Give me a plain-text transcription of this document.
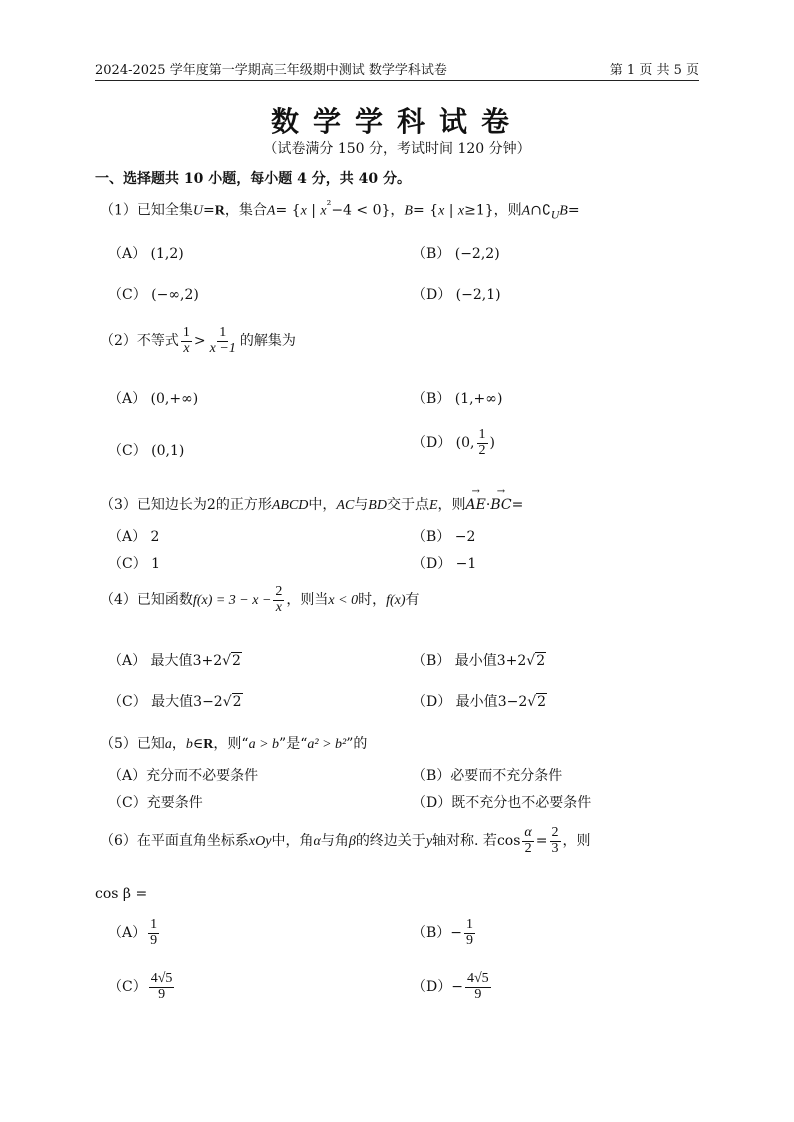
2024-2025 学年度第一学期高三年级期中测试 数学学科试卷	第 1 页 共 5 页
数学学科试卷
（试卷满分 150 分，考试时间 120 分钟）
一、选择题共 10 小题，每小题 4 分，共 40 分。
（1）已知全集U=R，集合A= {x | $x^{^2}-4 < 0$}，B= {x | x≥1}，则$A\cap∁_UB=$
（A） (1,2)	（B） (−2,2)
（C） (−∞,2)	（D） (−2,1)
（2）不等式 $\frac{1}{x} > \frac{1}{x -1}$ 的解集为
（A） (0,+∞)	（B） (1,+∞)
（C） (0,1)	（D） (0, $\frac{1}{2}$ )
（3）已知边长为2的正方形ABCD中，AC与BD交于点E，则→ AE·→ BC=
（A） 2	（B） −2
（C） 1	（D） −1
（4）已知函数$f(x) = 3 - x - \frac{2}{x}$ ，则当x < 0时，f(x)有
（A） 最大值3+2√2	（B） 最小值3+2√2
（C） 最大值3−2√2	（D） 最小值3−2√2
（5）已知a，b∈R，则“a > b”是“a² > b²”的
（A）充分而不必要条件	（B）必要而不充分条件
（C）充要条件	（D）既不充分也不必要条件
（6）在平面直角坐标系xOy中，角α与角β的终边关于y轴对称. 若$\cos \frac{\alpha}{2} = \frac{2}{3}$ ，则
cos β =
$(A) \frac{1}{9}$	$(B)- \frac{1}{9}$
$(C) \frac{4√5}{9}$	$(D)- \frac{4√5}{9}$
